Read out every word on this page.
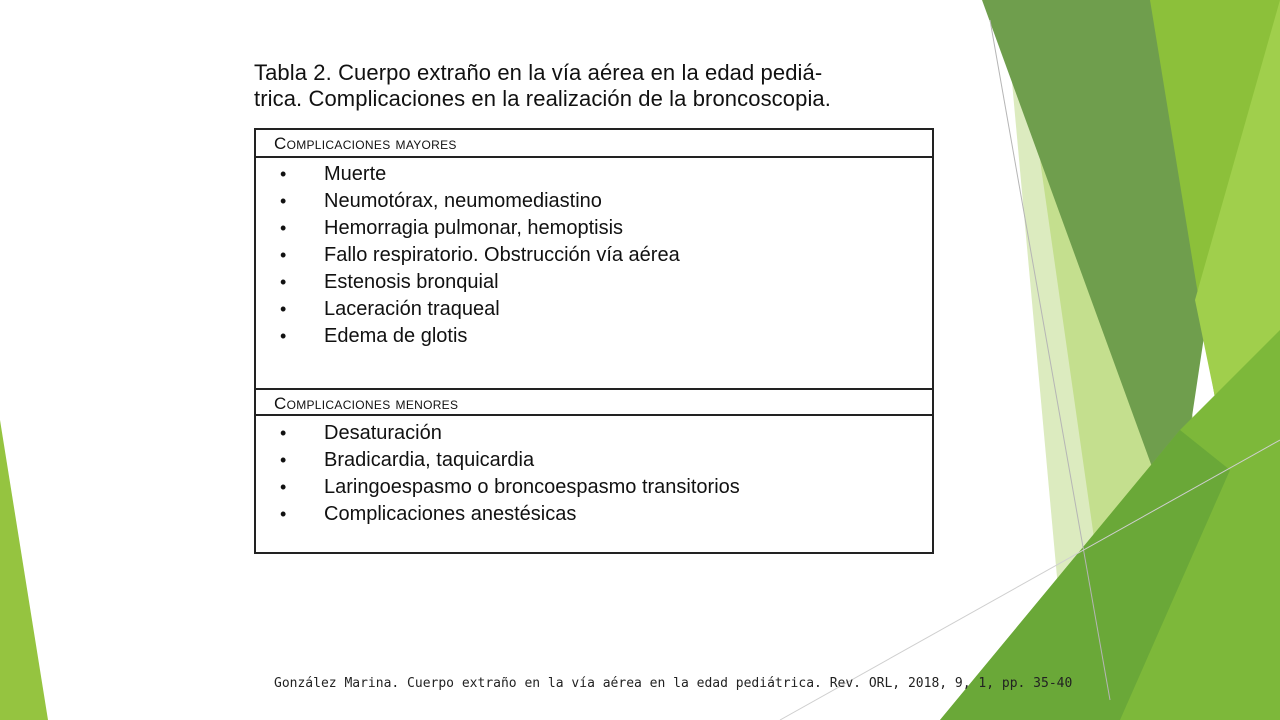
Tabla 2. Cuerpo extraño en la vía aérea en la edad pediá-
trica. Complicaciones en la realización de la broncoscopia.
Complicaciones mayores
• Muerte
• Neumotórax, neumomediastino
• Hemorragia pulmonar, hemoptisis
• Fallo respiratorio. Obstrucción vía aérea
• Estenosis bronquial
• Laceración traqueal
• Edema de glotis
Complicaciones menores
• Desaturación
• Bradicardia, taquicardia
• Laringoespasmo o broncoespasmo transitorios
• Complicaciones anestésicas
González Marina. Cuerpo extraño en la vía aérea en la edad pediátrica. Rev. ORL, 2018, 9, 1, pp. 35-40
